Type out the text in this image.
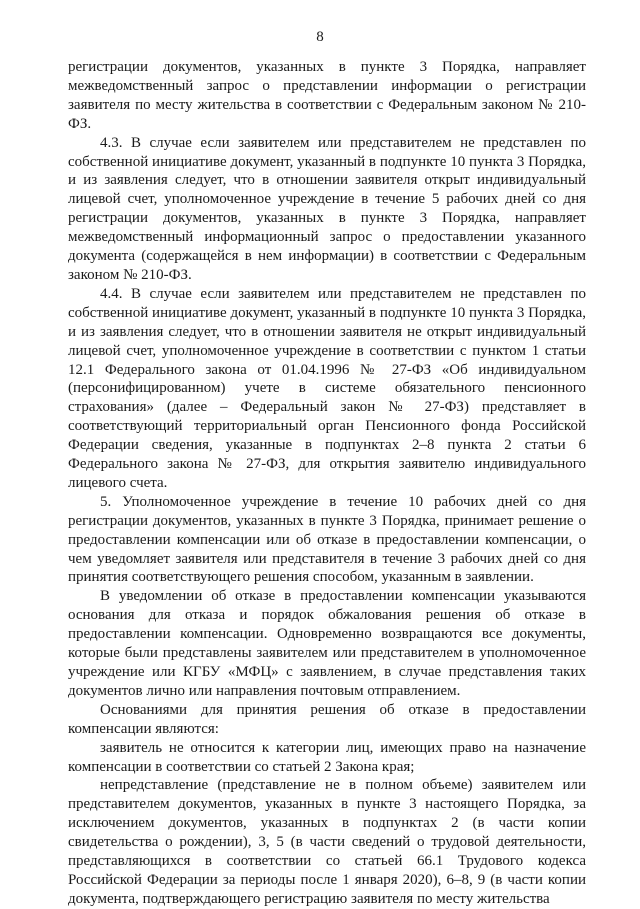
8

регистрации документов, указанных в пункте 3 Порядка, направляет межведомственный запрос о представлении информации о регистрации заявителя по месту жительства в соответствии с Федеральным законом № 210-ФЗ.

4.3. В случае если заявителем или представителем не представлен по собственной инициативе документ, указанный в подпункте 10 пункта 3 Порядка, и из заявления следует, что в отношении заявителя открыт индивидуальный лицевой счет, уполномоченное учреждение в течение 5 рабочих дней со дня регистрации документов, указанных в пункте 3 Порядка, направляет межведомственный информационный запрос о предоставлении указанного документа (содержащейся в нем информации) в соответствии с Федеральным законом № 210-ФЗ.

4.4. В случае если заявителем или представителем не представлен по собственной инициативе документ, указанный в подпункте 10 пункта 3 Порядка, и из заявления следует, что в отношении заявителя не открыт индивидуальный лицевой счет, уполномоченное учреждение в соответствии с пунктом 1 статьи 12.1 Федерального закона от 01.04.1996 № 27-ФЗ «Об индивидуальном (персонифицированном) учете в системе обязательного пенсионного страхования» (далее – Федеральный закон № 27-ФЗ) представляет в соответствующий территориальный орган Пенсионного фонда Российской Федерации сведения, указанные в подпунктах 2–8 пункта 2 статьи 6 Федерального закона № 27-ФЗ, для открытия заявителю индивидуального лицевого счета.

5. Уполномоченное учреждение в течение 10 рабочих дней со дня регистрации документов, указанных в пункте 3 Порядка, принимает решение о предоставлении компенсации или об отказе в предоставлении компенсации, о чем уведомляет заявителя или представителя в течение 3 рабочих дней со дня принятия соответствующего решения способом, указанным в заявлении.

В уведомлении об отказе в предоставлении компенсации указываются основания для отказа и порядок обжалования решения об отказе в предоставлении компенсации. Одновременно возвращаются все документы, которые были представлены заявителем или представителем в уполномоченное учреждение или КГБУ «МФЦ» с заявлением, в случае представления таких документов лично или направления почтовым отправлением.

Основаниями для принятия решения об отказе в предоставлении компенсации являются:

заявитель не относится к категории лиц, имеющих право на назначение компенсации в соответствии со статьей 2 Закона края;

непредставление (представление не в полном объеме) заявителем или представителем документов, указанных в пункте 3 настоящего Порядка, за исключением документов, указанных в подпунктах 2 (в части копии свидетельства о рождении), 3, 5 (в части сведений о трудовой деятельности, представляющихся в соответствии со статьей 66.1 Трудового кодекса Российской Федерации за периоды после 1 января 2020), 6–8, 9 (в части копии документа, подтверждающего регистрацию заявителя по месту жительства
